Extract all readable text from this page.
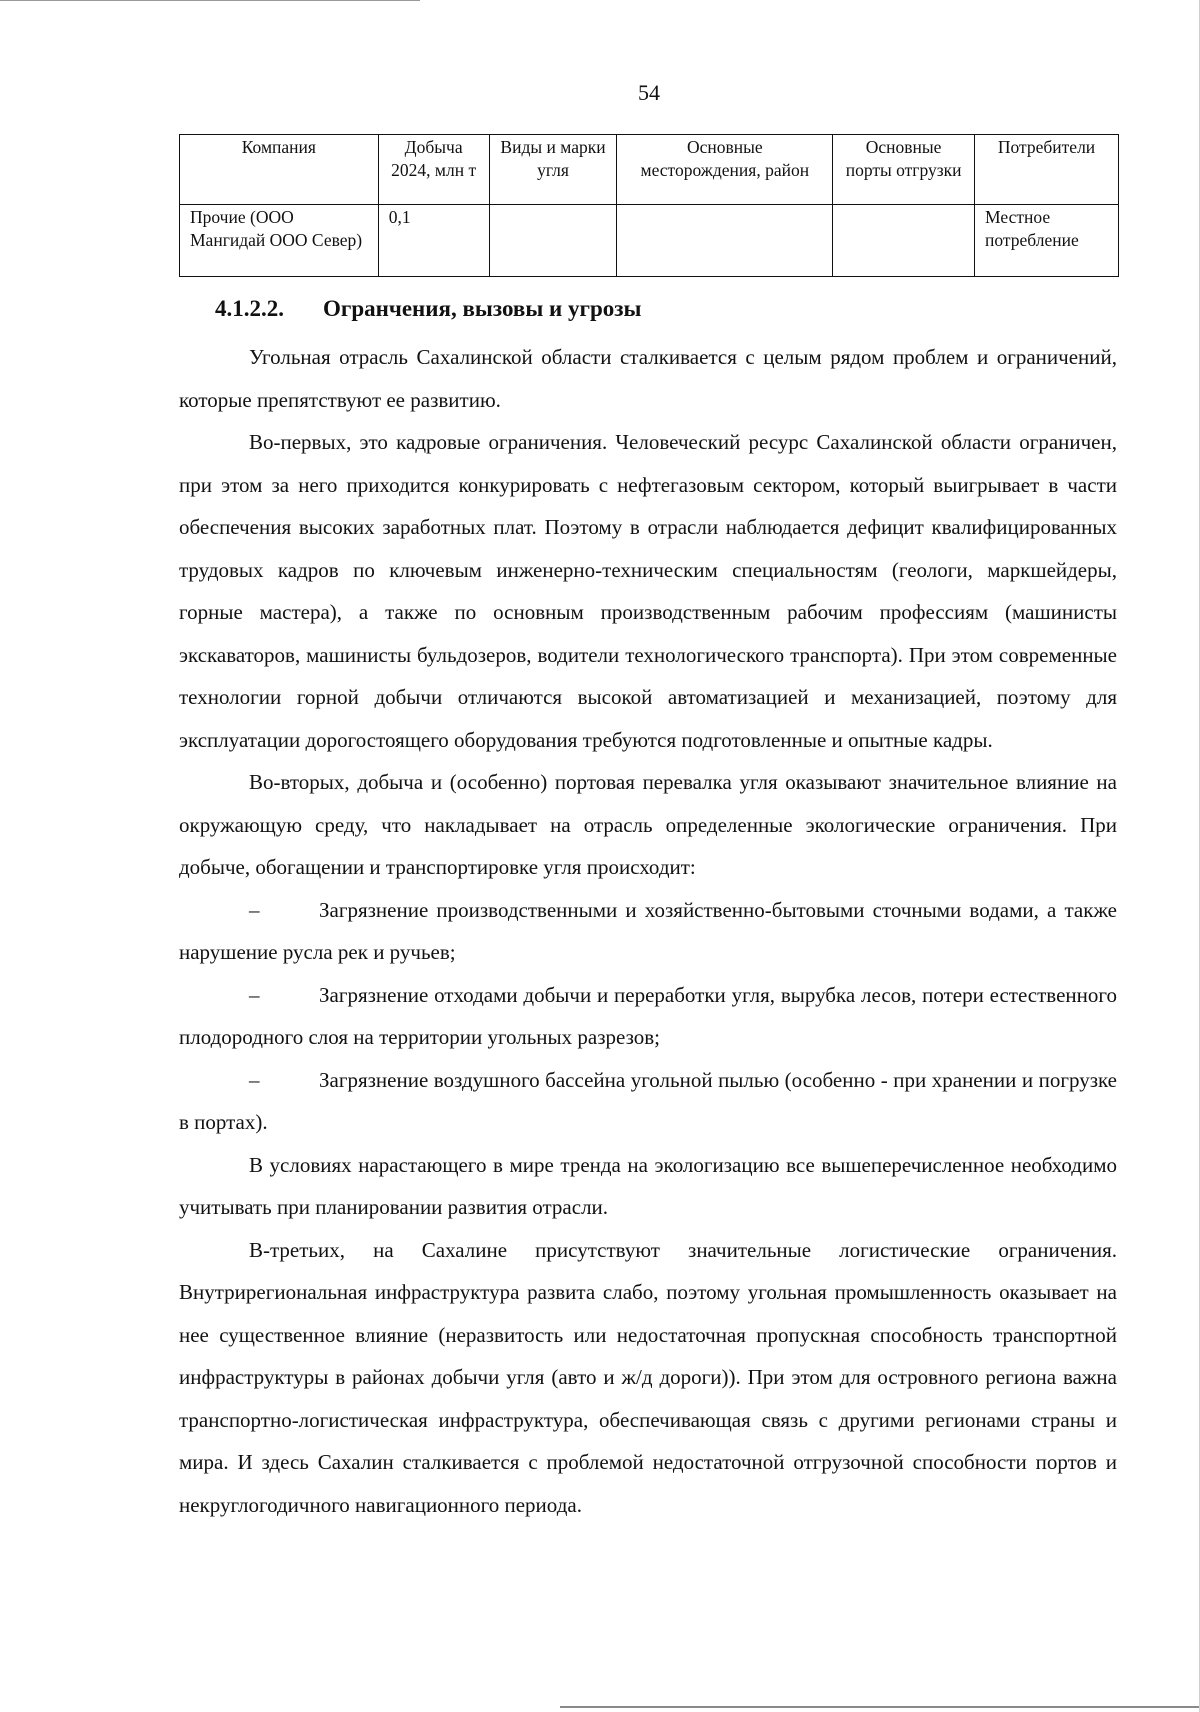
54
Компания	Добыча 2024, млн т	Виды и марки угля	Основные месторождения, район	Основные порты отгрузки	Потребители
Прочие (ООО Мангидай ООО Север)	0,1				Местное потребление
4.1.2.2. Огранчения, вызовы и угрозы

Угольная отрасль Сахалинской области сталкивается с целым рядом проблем и ограничений, которые препятствуют ее развитию.

Во-первых, это кадровые ограничения. Человеческий ресурс Сахалинской области ограничен, при этом за него приходится конкурировать с нефтегазовым сектором, который выигрывает в части обеспечения высоких заработных плат. Поэтому в отрасли наблюдается дефицит квалифицированных трудовых кадров по ключевым инженерно-техническим специальностям (геологи, маркшейдеры, горные мастера), а также по основным производственным рабочим профессиям (машинисты экскаваторов, машинисты бульдозеров, водители технологического транспорта). При этом современные технологии горной добычи отличаются высокой автоматизацией и механизацией, поэтому для эксплуатации дорогостоящего оборудования требуются подготовленные и опытные кадры.

Во-вторых, добыча и (особенно) портовая перевалка угля оказывают значительное влияние на окружающую среду, что накладывает на отрасль определенные экологические ограничения. При добыче, обогащении и транспортировке угля происходит:

–	Загрязнение производственными и хозяйственно-бытовыми сточными водами, а также нарушение русла рек и ручьев;

–	Загрязнение отходами добычи и переработки угля, вырубка лесов, потери естественного плодородного слоя на территории угольных разрезов;

–	Загрязнение воздушного бассейна угольной пылью (особенно - при хранении и погрузке в портах).

В условиях нарастающего в мире тренда на экологизацию все вышеперечисленное необходимо учитывать при планировании развития отрасли.

В-третьих, на Сахалине присутствуют значительные логистические ограничения. Внутрирегиональная инфраструктура развита слабо, поэтому угольная промышленность оказывает на нее существенное влияние (неразвитость или недостаточная пропускная способность транспортной инфраструктуры в районах добычи угля (авто и ж/д дороги)). При этом для островного региона важна транспортно-логистическая инфраструктура, обеспечивающая связь с другими регионами страны и мира. И здесь Сахалин сталкивается с проблемой недостаточной отгрузочной способности портов и некруглогодичного навигационного периода.
